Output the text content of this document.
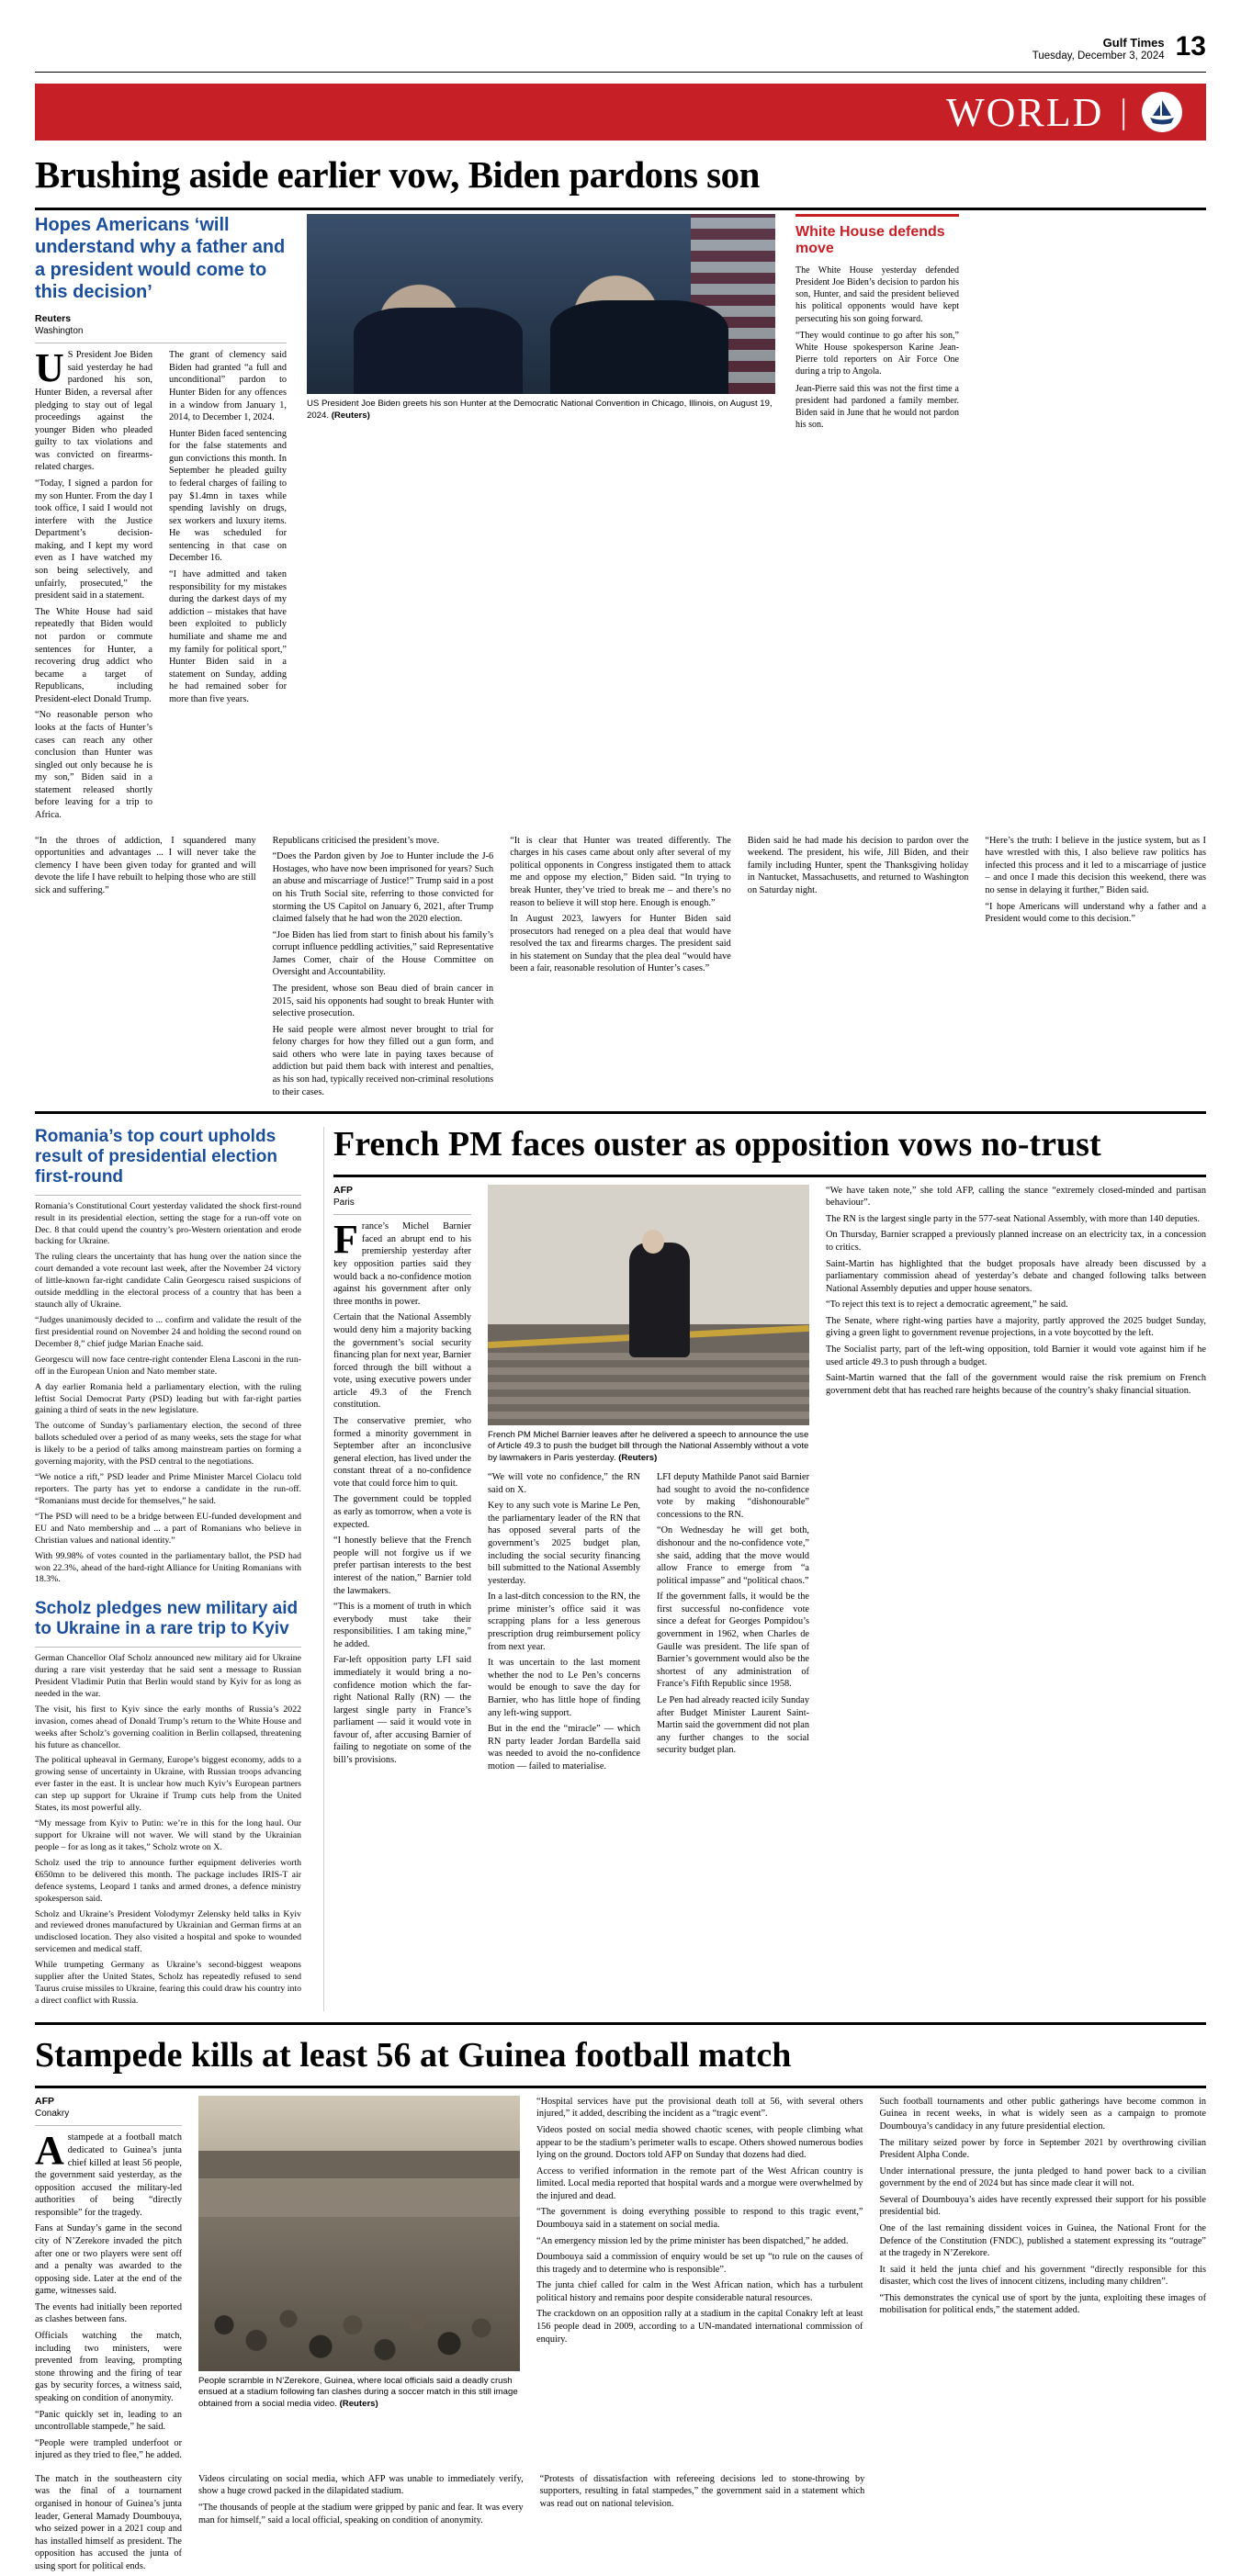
Gulf Times
Tuesday, December 3, 2024 13
WORLD |
Brushing aside earlier vow, Biden pardons son
Hopes Americans ‘will understand why a father and a president would come to this decision’
Reuters
Washington

US President Joe Biden said yesterday he had pardoned his son, Hunter Biden, a reversal after pledging to stay out of legal proceedings against the younger Biden who pleaded guilty to tax violations and was convicted on firearms-related charges.

“Today, I signed a pardon for my son Hunter. From the day I took office, I said I would not interfere with the Justice Department’s decision-making, and I kept my word even as I have watched my son being selectively, and unfairly, prosecuted,” the president said in a statement.

The White House had said repeatedly that Biden would not pardon or commute sentences for Hunter, a recovering drug addict who became a target of Republicans, including President-elect Donald Trump.

“No reasonable person who looks at the facts of Hunter’s cases can reach any other conclusion than Hunter was singled out only because he is my son,” Biden said in a statement released shortly before leaving for a trip to Africa.

The grant of clemency said Biden had granted “a full and unconditional” pardon to Hunter Biden for any offences in a window from January 1, 2014, to December 1, 2024.

Hunter Biden faced sentencing for the false statements and gun convictions this month. In September he pleaded guilty to federal charges of failing to pay $1.4mn in taxes while spending lavishly on drugs, sex workers and luxury items. He was scheduled for sentencing in that case on December 16.

“I have admitted and taken responsibility for my mistakes during the darkest days of my addiction – mistakes that have been exploited to publicly humiliate and shame me and my family for political sport,” Hunter Biden said in a statement on Sunday, adding he had remained sober for more than five years.

US President Joe Biden greets his son Hunter at the Democratic National Convention in Chicago, Illinois, on August 19, 2024. (Reuters)
White House defends move

The White House yesterday defended President Joe Biden’s decision to pardon his son, Hunter, and said the president believed his political opponents would have kept persecuting his son going forward.

“They would continue to go after his son,” White House spokesperson Karine Jean-Pierre told reporters on Air Force One during a trip to Angola.

Jean-Pierre said this was not the first time a president had pardoned a family member. Biden said in June that he would not pardon his son.

“In the throes of addiction, I squandered many opportunities and advantages ... I will never take the clemency I have been given today for granted and will devote the life I have rebuilt to helping those who are still sick and suffering.”

Republicans criticised the president’s move.

“Does the Pardon given by Joe to Hunter include the J-6 Hostages, who have now been imprisoned for years? Such an abuse and miscarriage of Justice!” Trump said in a post on his Truth Social site, referring to those convicted for storming the US Capitol on January 6, 2021, after Trump claimed falsely that he had won the 2020 election.

“Joe Biden has lied from start to finish about his family’s corrupt influence peddling activities,” said Representative James Comer, chair of the House Committee on Oversight and Accountability.

The president, whose son Beau died of brain cancer in 2015, said his opponents had sought to break Hunter with selective prosecution.

He said people were almost never brought to trial for felony charges for how they filled out a gun form, and said others who were late in paying taxes because of addiction but paid them back with interest and penalties, as his son had, typically received non-criminal resolutions to their cases.

“It is clear that Hunter was treated differently. The charges in his cases came about only after several of my political opponents in Congress instigated them to attack me and oppose my election,” Biden said. “In trying to break Hunter, they’ve tried to break me – and there’s no reason to believe it will stop here. Enough is enough.”

In August 2023, lawyers for Hunter Biden said prosecutors had reneged on a plea deal that would have resolved the tax and firearms charges. The president said in his statement on Sunday that the plea deal “would have been a fair, reasonable resolution of Hunter’s cases.”

Biden said he had made his decision to pardon over the weekend. The president, his wife, Jill Biden, and their family including Hunter, spent the Thanksgiving holiday in Nantucket, Massachusetts, and returned to Washington on Saturday night.

“Here’s the truth: I believe in the justice system, but as I have wrestled with this, I also believe raw politics has infected this process and it led to a miscarriage of justice – and once I made this decision this weekend, there was no sense in delaying it further,” Biden said.

“I hope Americans will understand why a father and a President would come to this decision.”

Romania’s top court upholds result of presidential election first-round

Romania’s Constitutional Court yesterday validated the shock first-round result in its presidential election, setting the stage for a run-off vote on Dec. 8 that could upend the country’s pro-Western orientation and erode backing for Ukraine.

The ruling clears the uncertainty that has hung over the nation since the court demanded a vote recount last week, after the November 24 victory of little-known far-right candidate Calin Georgescu raised suspicions of outside meddling in the electoral process of a country that has been a staunch ally of Ukraine.

“Judges unanimously decided to ... confirm and validate the result of the first presidential round on November 24 and holding the second round on December 8,” chief judge Marian Enache said.

Georgescu will now face centre-right contender Elena Lasconi in the run-off in the European Union and Nato member state.

A day earlier Romania held a parliamentary election, with the ruling leftist Social Democrat Party (PSD) leading but with far-right parties gaining a third of seats in the new legislature.

The outcome of Sunday’s parliamentary election, the second of three ballots scheduled over a period of as many weeks, sets the stage for what is likely to be a period of talks among mainstream parties on forming a governing majority, with the PSD central to the negotiations.

“We notice a rift,” PSD leader and Prime Minister Marcel Ciolacu told reporters. The party has yet to endorse a candidate in the run-off. “Romanians must decide for themselves,” he said.

“The PSD will need to be a bridge between EU-funded development and EU and Nato membership and ... a part of Romanians who believe in Christian values and national identity.”

With 99.98% of votes counted in the parliamentary ballot, the PSD had won 22.3%, ahead of the hard-right Alliance for Uniting Romanians with 18.3%.

Scholz pledges new military aid to Ukraine in a rare trip to Kyiv

German Chancellor Olaf Scholz announced new military aid for Ukraine during a rare visit yesterday that he said sent a message to Russian President Vladimir Putin that Berlin would stand by Kyiv for as long as needed in the war.

The visit, his first to Kyiv since the early months of Russia’s 2022 invasion, comes ahead of Donald Trump’s return to the White House and weeks after Scholz’s governing coalition in Berlin collapsed, threatening his future as chancellor.

The political upheaval in Germany, Europe’s biggest economy, adds to a growing sense of uncertainty in Ukraine, with Russian troops advancing ever faster in the east. It is unclear how much Kyiv’s European partners can step up support for Ukraine if Trump cuts help from the United States, its most powerful ally.

“My message from Kyiv to Putin: we’re in this for the long haul. Our support for Ukraine will not waver. We will stand by the Ukrainian people – for as long as it takes,” Scholz wrote on X.

Scholz used the trip to announce further equipment deliveries worth €650mn to be delivered this month. The package includes IRIS-T air defence systems, Leopard 1 tanks and armed drones, a defence ministry spokesperson said.

Scholz and Ukraine’s President Volodymyr Zelensky held talks in Kyiv and reviewed drones manufactured by Ukrainian and German firms at an undisclosed location. They also visited a hospital and spoke to wounded servicemen and medical staff.

While trumpeting Germany as Ukraine’s second-biggest weapons supplier after the United States, Scholz has repeatedly refused to send Taurus cruise missiles to Ukraine, fearing this could draw his country into a direct conflict with Russia.

French PM faces ouster as opposition vows no-trust
AFP
Paris

France’s Michel Barnier faced an abrupt end to his premiership yesterday after key opposition parties said they would back a no-confidence motion against his government after only three months in power.

Certain that the National Assembly would deny him a majority backing the government’s social security financing plan for next year, Barnier forced through the bill without a vote, using executive powers under article 49.3 of the French constitution.

The conservative premier, who formed a minority government in September after an inconclusive general election, has lived under the constant threat of a no-confidence vote that could force him to quit.

The government could be toppled as early as tomorrow, when a vote is expected.

“I honestly believe that the French people will not forgive us if we prefer partisan interests to the best interest of the nation,” Barnier told the lawmakers.

“This is a moment of truth in which everybody must take their responsibilities. I am taking mine,” he added.

Far-left opposition party LFI said immediately it would bring a no-confidence motion which the far-right National Rally (RN) — the largest single party in France’s parliament — said it would vote in favour of, after accusing Barnier of failing to negotiate on some of the bill’s provisions.

French PM Michel Barnier leaves after he delivered a speech to announce the use of Article 49.3 to push the budget bill through the National Assembly without a vote by lawmakers in Paris yesterday. (Reuters)

“We will vote no confidence,” the RN said on X.

Key to any such vote is Marine Le Pen, the parliamentary leader of the RN that has opposed several parts of the government’s 2025 budget plan, including the social security financing bill submitted to the National Assembly yesterday.

In a last-ditch concession to the RN, the prime minister’s office said it was scrapping plans for a less generous prescription drug reimbursement policy from next year.

It was uncertain to the last moment whether the nod to Le Pen’s concerns would be enough to save the day for Barnier, who has little hope of finding any left-wing support.

But in the end the “miracle” — which RN party leader Jordan Bardella said was needed to avoid the no-confidence motion — failed to materialise.

LFI deputy Mathilde Panot said Barnier had sought to avoid the no-confidence vote by making “dishonourable” concessions to the RN.

“On Wednesday he will get both, dishonour and the no-confidence vote,” she said, adding that the move would allow France to emerge from “a political impasse” and “political chaos.”

If the government falls, it would be the first successful no-confidence vote since a defeat for Georges Pompidou’s government in 1962, when Charles de Gaulle was president. The life span of Barnier’s government would also be the shortest of any administration of France’s Fifth Republic since 1958.

Le Pen had already reacted icily Sunday after Budget Minister Laurent Saint-Martin said the government did not plan any further changes to the social security budget plan.

“We have taken note,” she told AFP, calling the stance “extremely closed-minded and partisan behaviour”.

The RN is the largest single party in the 577-seat National Assembly, with more than 140 deputies.

On Thursday, Barnier scrapped a previously planned increase on an electricity tax, in a concession to critics.

Saint-Martin has highlighted that the budget proposals have already been discussed by a parliamentary commission ahead of yesterday’s debate and changed following talks between National Assembly deputies and upper house senators.

“To reject this text is to reject a democratic agreement,” he said.

The Senate, where right-wing parties have a majority, partly approved the 2025 budget Sunday, giving a green light to government revenue projections, in a vote boycotted by the left.

The Socialist party, part of the left-wing opposition, told Barnier it would vote against him if he used article 49.3 to push through a budget.

Saint-Martin warned that the fall of the government would raise the risk premium on French government debt that has reached rare heights because of the country’s shaky financial situation.

Stampede kills at least 56 at Guinea football match
AFP
Conakry

Astampede at a football match dedicated to Guinea’s junta chief killed at least 56 people, the government said yesterday, as the opposition accused the military-led authorities of being “directly responsible” for the tragedy.

Fans at Sunday’s game in the second city of N’Zerekore invaded the pitch after one or two players were sent off and a penalty was awarded to the opposing side. Later at the end of the game, witnesses said.

The events had initially been reported as clashes between fans.

Officials watching the match, including two ministers, were prevented from leaving, prompting stone throwing and the firing of tear gas by security forces, a witness said, speaking on condition of anonymity.

“Panic quickly set in, leading to an uncontrollable stampede,” he said.

“People were trampled underfoot or injured as they tried to flee,” he added.

People scramble in N’Zerekore, Guinea, where local officials said a deadly crush ensued at a stadium following fan clashes during a soccer match in this still image obtained from a social media video. (Reuters)

“Hospital services have put the provisional death toll at 56, with several others injured,” it added, describing the incident as a “tragic event”.

Videos posted on social media showed chaotic scenes, with people climbing what appear to be the stadium’s perimeter walls to escape. Others showed numerous bodies lying on the ground. Doctors told AFP on Sunday that dozens had died.

Access to verified information in the remote part of the West African country is limited. Local media reported that hospital wards and a morgue were overwhelmed by the injured and dead.

“The government is doing everything possible to respond to this tragic event,” Doumbouya said in a statement on social media.

“An emergency mission led by the prime minister has been dispatched,” he added.

Doumbouya said a commission of enquiry would be set up “to rule on the causes of this tragedy and to determine who is responsible”.

The junta chief called for calm in the West African nation, which has a turbulent political history and remains poor despite considerable natural resources.

The crackdown on an opposition rally at a stadium in the capital Conakry left at least 156 people dead in 2009, according to a UN-mandated international commission of enquiry.

Such football tournaments and other public gatherings have become common in Guinea in recent weeks, in what is widely seen as a campaign to promote Doumbouya’s candidacy in any future presidential election.

The military seized power by force in September 2021 by overthrowing civilian President Alpha Conde.

Under international pressure, the junta pledged to hand power back to a civilian government by the end of 2024 but has since made clear it will not.

Several of Doumbouya’s aides have recently expressed their support for his possible presidential bid.

One of the last remaining dissident voices in Guinea, the National Front for the Defence of the Constitution (FNDC), published a statement expressing its “outrage” at the tragedy in N’Zerekore.

It said it held the junta chief and his government “directly responsible for this disaster, which cost the lives of innocent citizens, including many children”.

“This demonstrates the cynical use of sport by the junta, exploiting these images of mobilisation for political ends,” the statement added.

The match in the southeastern city was the final of a tournament organised in honour of Guinea’s junta leader, General Mamady Doumbouya, who seized power in a 2021 coup and has installed himself as president. The opposition has accused the junta of using sport for political ends.

Videos circulating on social media, which AFP was unable to immediately verify, show a huge crowd packed in the dilapidated stadium.

“The thousands of people at the stadium were gripped by panic and fear. It was every man for himself,” said a local official, speaking on condition of anonymity.

“Protests of dissatisfaction with refereeing decisions led to stone-throwing by supporters, resulting in fatal stampedes,” the government said in a statement which was read out on national television.
